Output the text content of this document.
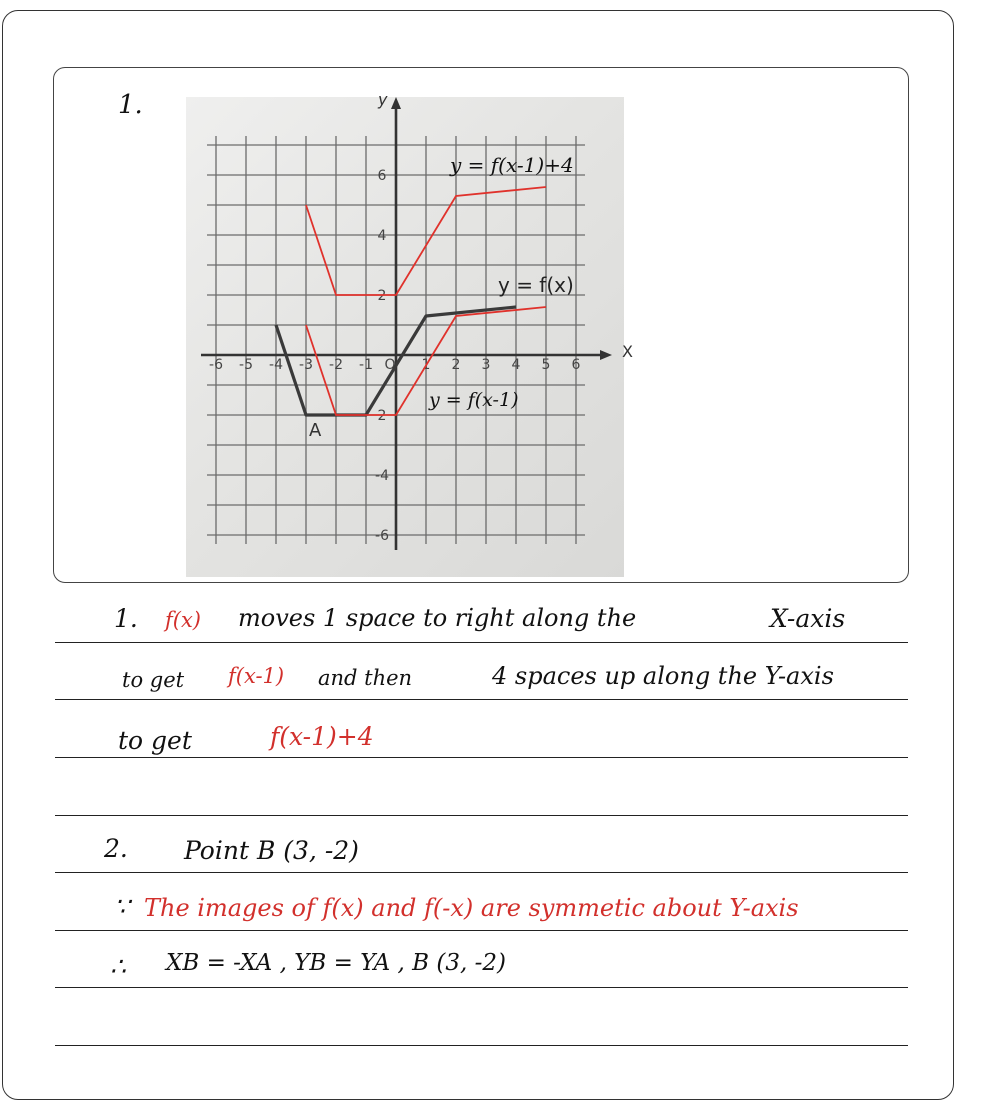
1.
X
y
-6 -5 -4 -3 -2 -1 O 1 2 3 4 5 6
6
4
2
2
-4
-6
y = f(x)
y = f(x-1)
y = f(x-1)+4
A
1. f(x) moves 1 space to right along the	X-axis
to get f(x-1) and then	4 spaces up along the Y-axis
to get	f(x-1)+4
2. Point B (3, -2)
∵ The images of f(x) and f(-x) are symmetic about Y-axis
∴ XB = -XA , YB = YA , B (3, -2)
